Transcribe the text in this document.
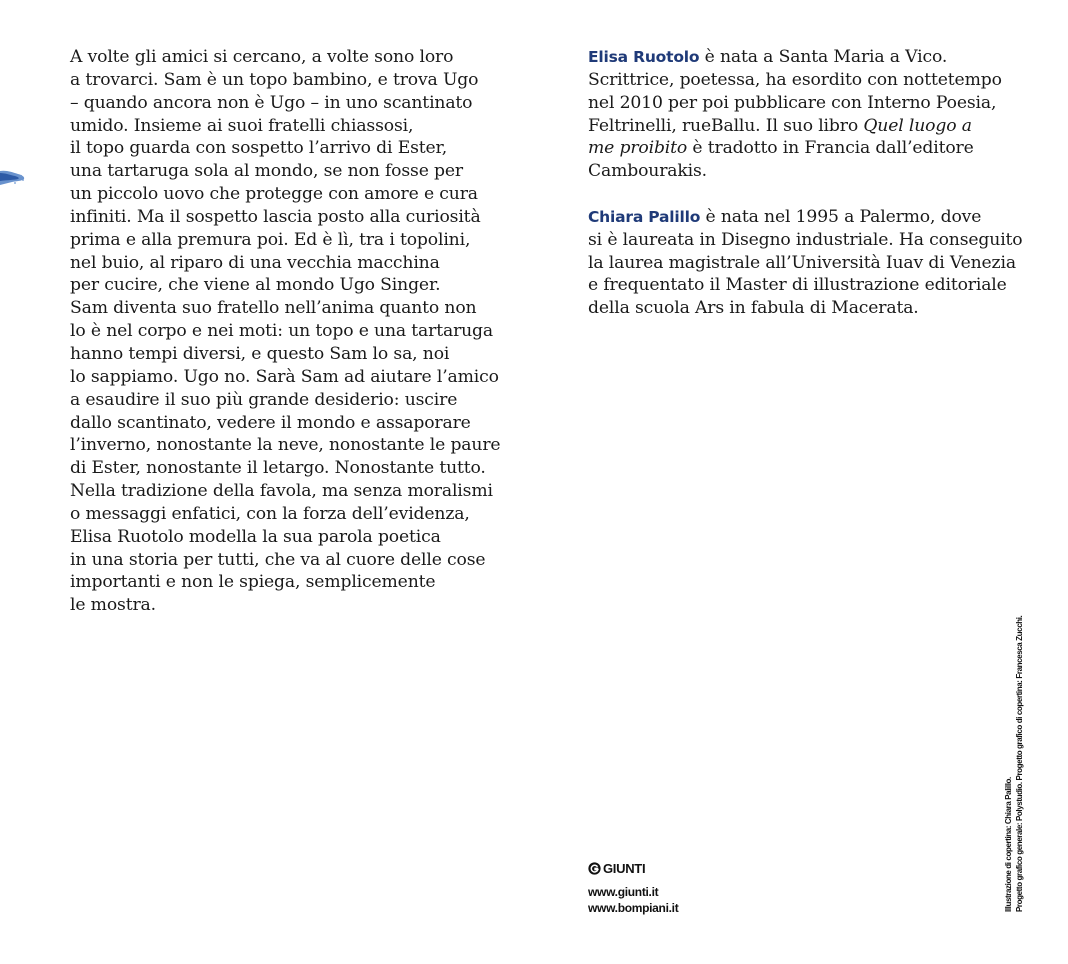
A volte gli amici si cercano, a volte sono loro
a trovarci. Sam è un topo bambino, e trova Ugo
– quando ancora non è Ugo – in uno scantinato
umido. Insieme ai suoi fratelli chiassosi,
il topo guarda con sospetto l’arrivo di Ester,
una tartaruga sola al mondo, se non fosse per
un piccolo uovo che protegge con amore e cura
infiniti. Ma il sospetto lascia posto alla curiosità
prima e alla premura poi. Ed è lì, tra i topolini,
nel buio, al riparo di una vecchia macchina
per cucire, che viene al mondo Ugo Singer.
Sam diventa suo fratello nell’anima quanto non
lo è nel corpo e nei moti: un topo e una tartaruga
hanno tempi diversi, e questo Sam lo sa, noi
lo sappiamo. Ugo no. Sarà Sam ad aiutare l’amico
a esaudire il suo più grande desiderio: uscire
dallo scantinato, vedere il mondo e assaporare
l’inverno, nonostante la neve, nonostante le paure
di Ester, nonostante il letargo. Nonostante tutto.
Nella tradizione della favola, ma senza moralismi
o messaggi enfatici, con la forza dell’evidenza,
Elisa Ruotolo modella la sua parola poetica
in una storia per tutti, che va al cuore delle cose
importanti e non le spiega, semplicemente
le mostra.

Elisa Ruotolo è nata a Santa Maria a Vico.
Scrittrice, poetessa, ha esordito con nottetempo
nel 2010 per poi pubblicare con Interno Poesia,
Feltrinelli, rueBallu. Il suo libro Quel luogo a
me proibito è tradotto in Francia dall’editore
Cambourakis.

Chiara Palillo è nata nel 1995 a Palermo, dove
si è laureata in Disegno industriale. Ha conseguito
la laurea magistrale all’Università Iuav di Venezia
e frequentato il Master di illustrazione editoriale
della scuola Ars in fabula di Macerata.

GIUNTI
www.giunti.it
www.bompiani.it	Illustrazione di copertina: Chiara Palillo. Progetto grafico generale: Polystudio. Progetto grafico di copertina: Francesca Zucchi.
